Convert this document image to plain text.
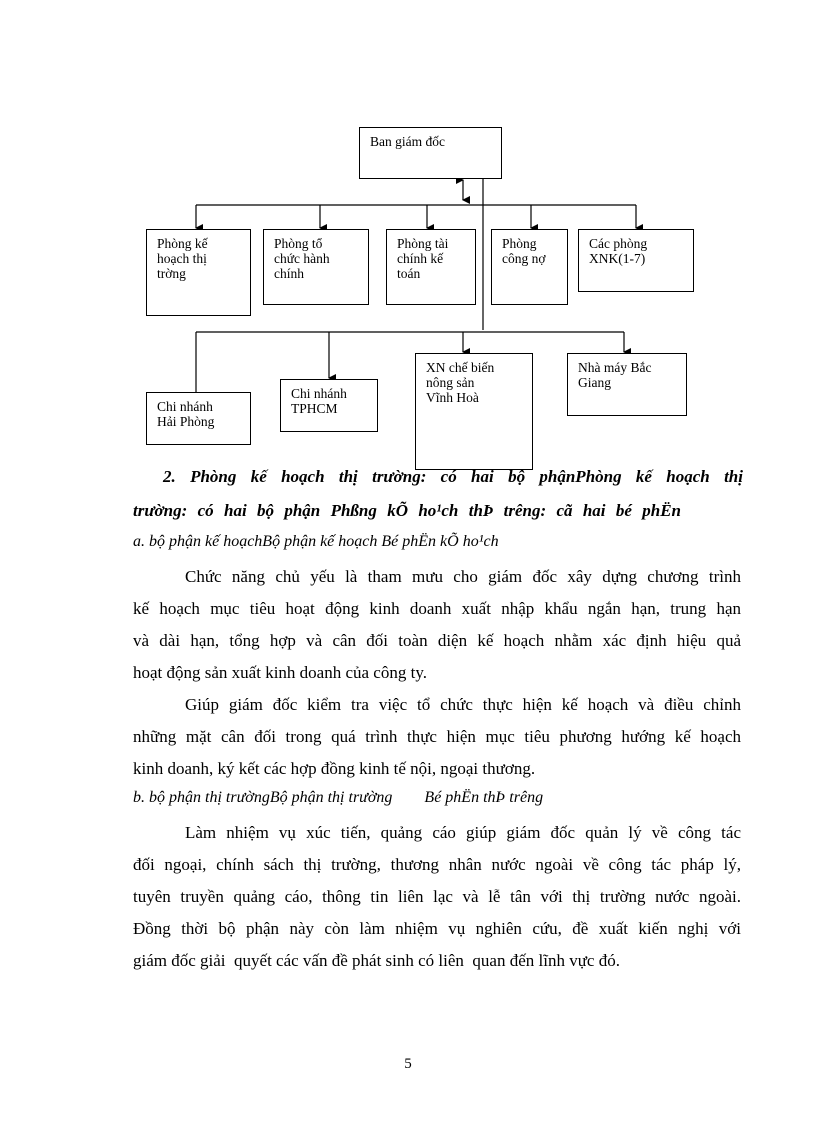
Ban giám đốc
Phòng kế
hoạch thị
trờng
Phòng tổ
chức hành
chính
Phòng tài
chính kế
toán
Phòng
công nợ
Các phòng
XNK(1-7)
Chi nhánh
Hải Phòng
Chi nhánh
TPHCM
XN chế biến
nông sản
Vĩnh Hoà
Nhà máy Bắc
Giang
2. Phòng kế hoạch thị trường: có hai bộ phậnPhòng kế hoạch thị
trường: có hai bộ phận Phßng kÕ ho¹ch thÞ trêng: cã hai bé phËn
a. bộ phận kế hoạchBộ phận kế hoạch Bé phËn kÕ ho¹ch
Chức năng chủ yếu là tham mưu cho giám đốc xây dựng chương trình
kế hoạch mục tiêu hoạt động kinh doanh xuất nhập khẩu ngắn hạn, trung hạn
và dài hạn, tổng hợp và cân đối toàn diện kế hoạch nhằm xác định hiệu quả
hoạt động sản xuất kinh doanh của công ty.
Giúp giám đốc kiểm tra việc tổ chức thực hiện kế hoạch và điều chỉnh
những mặt cân đối trong quá trình thực hiện mục tiêu phương hướng kế hoạch
kinh doanh, ký kết các hợp đồng kinh tế nội, ngoại thương.
b. bộ phận thị trườngBộ phận thị trường        Bé phËn thÞ trêng
Làm nhiệm vụ xúc tiến, quảng cáo giúp giám đốc quản lý về công tác
đối ngoại, chính sách thị trường, thương nhân nước ngoài về công tác pháp lý,
tuyên truyền quảng cáo, thông tin liên lạc và lễ tân với thị trường nước ngoài.
Đồng thời bộ phận này còn làm nhiệm vụ nghiên cứu, đề xuất kiến nghị với
giám đốc giải  quyết các vấn đề phát sinh có liên  quan đến lĩnh vực đó.
5
